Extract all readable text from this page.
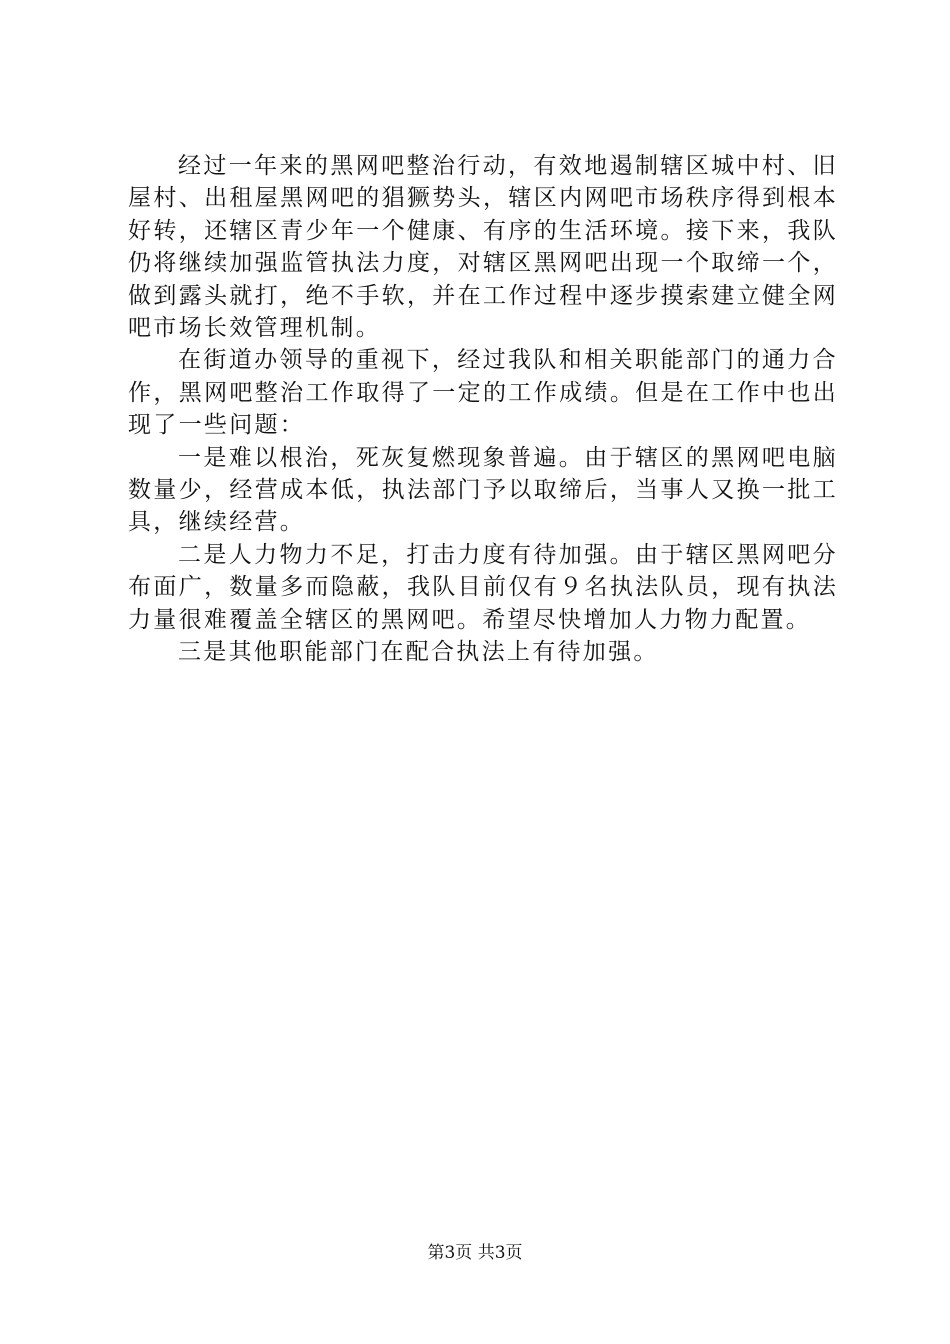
经过一年来的黑网吧整治行动，有效地遏制辖区城中村、旧屋村、出租屋黑网吧的猖獗势头，辖区内网吧市场秩序得到根本好转，还辖区青少年一个健康、有序的生活环境。接下来，我队仍将继续加强监管执法力度，对辖区黑网吧出现一个取缔一个，做到露头就打，绝不手软，并在工作过程中逐步摸索建立健全网吧市场长效管理机制。

在街道办领导的重视下，经过我队和相关职能部门的通力合作，黑网吧整治工作取得了一定的工作成绩。但是在工作中也出现了一些问题：

一是难以根治，死灰复燃现象普遍。由于辖区的黑网吧电脑数量少，经营成本低，执法部门予以取缔后，当事人又换一批工具，继续经营。

二是人力物力不足，打击力度有待加强。由于辖区黑网吧分布面广，数量多而隐蔽，我队目前仅有９名执法队员，现有执法力量很难覆盖全辖区的黑网吧。希望尽快增加人力物力配置。

三是其他职能部门在配合执法上有待加强。

第3页 共3页
